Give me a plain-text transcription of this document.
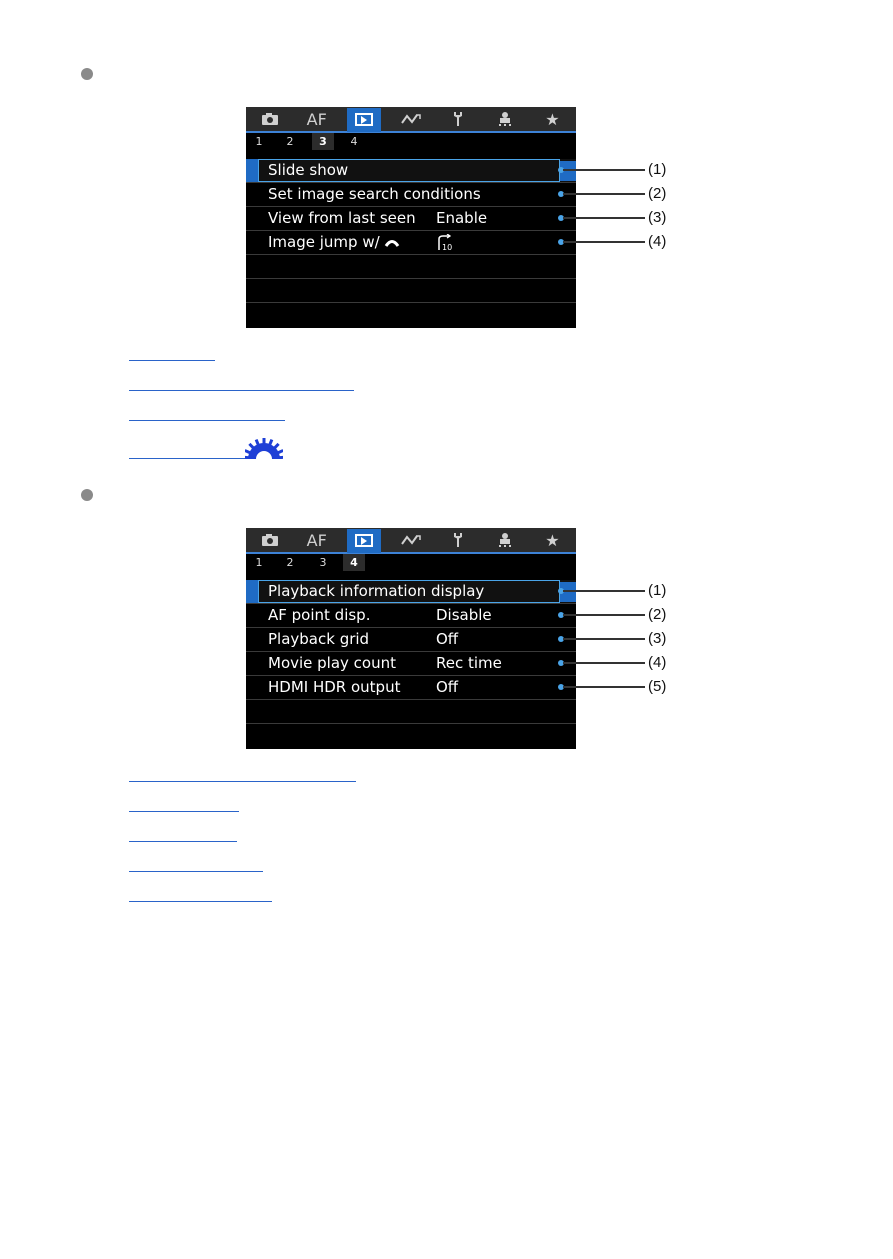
AF	★
1	2	3	4
Slide show
Set image search conditions
View from last seen Enable
Image jump w/	10
(1)
(2)
(3)
(4)
AF	★
1	2	3	4
Playback information display
AF point disp.	Disable
Playback grid	Off
Movie play count	Rec time
HDMI HDR output Off
(1)
(2)
(3)
(4)
(5)
